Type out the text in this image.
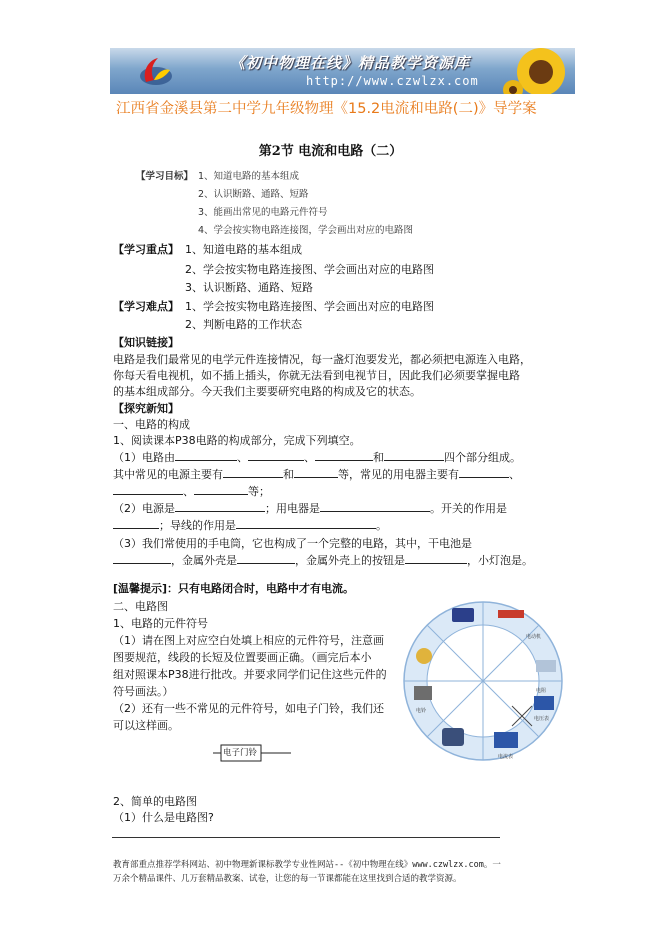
《初中物理在线》精品教学资源库
http://www.czwlzx.com
江西省金溪县第二中学九年级物理《15.2电流和电路(二)》导学案
第2节 电流和电路（二）
【学习目标】 1、知道电路的基本组成
2、认识断路、通路、短路
3、能画出常见的电路元件符号
4、学会按实物电路连接图，学会画出对应的电路图
【学习重点】 1、知道电路的基本组成
2、学会按实物电路连接图、学会画出对应的电路图
3、认识断路、通路、短路
【学习难点】 1、学会按实物电路连接图、学会画出对应的电路图
2、判断电路的工作状态
【知识链接】
电路是我们最常见的电学元件连接情况，每一盏灯泡要发光，都必须把电源连入电路，
你每天看电视机，如不插上插头，你就无法看到电视节目，因此我们必须要掌握电路
的基本组成部分。今天我们主要要研究电路的构成及它的状态。
【探究新知】
一、电路的构成
1、阅读课本P38电路的构成部分，完成下列填空。
（1）电路由	、	、	和	四个部分组成。
其中常见的电源主要有	和	等，常见的用电器主要有	、
、	等；
（2）电源是	；用电器是	。开关的作用是
；导线的作用是	。
（3）我们常使用的手电筒，它也构成了一个完整的电路，其中，干电池是
，金属外壳是	，金属外壳上的按钮是	，小灯泡是。
[温馨提示]：只有电路闭合时，电路中才有电流。
二、电路图
1、电路的元件符号
（1）请在图上对应空白处填上相应的元件符号，注意画
图要规范，线段的长短及位置要画正确。（画完后本小
组对照课本P38进行批改。并要求同学们记住这些元件的
符号画法。）
（2）还有一些不常见的元件符号，如电子门铃，我们还
可以这样画。
电子门铃
2、简单的电路图
（1）什么是电路图?
电动机
电阻
电压表
电流表
电铃
教育部重点推荐学科网站、初中物理新课标教学专业性网站--《初中物理在线》www.czwlzx.com。一
万余个精品课件、几万套精品教案、试卷，让您的每一节课都能在这里找到合适的教学资源。
